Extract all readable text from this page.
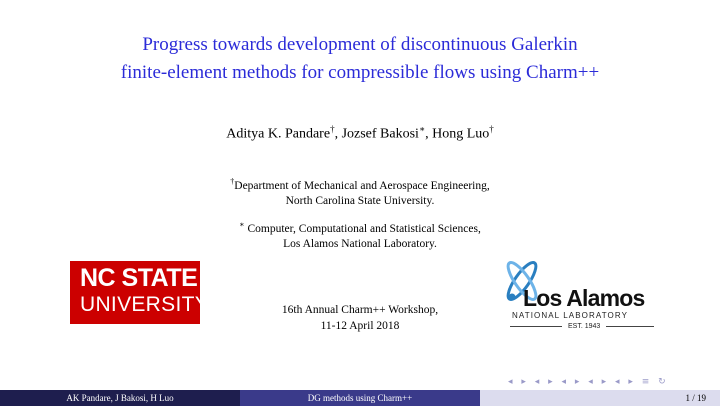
Progress towards development of discontinuous Galerkin
finite-element methods for compressible flows using Charm++
Aditya K. Pandare†, Jozsef Bakosi∗, Hong Luo†
†Department of Mechanical and Aerospace Engineering,
North Carolina State University.
∗ Computer, Computational and Statistical Sciences,
Los Alamos National Laboratory.
NC STATE
UNIVERSITY	16th Annual Charm++ Workshop,
11-12 April 2018
Los Alamos
NATIONAL LABORATORY
EST. 1943
◂ ▸ ◂ ▸ ◂ ▸ ◂ ▸ ◂ ▸ ≡ ↻
AK Pandare, J Bakosi, H Luo	DG methods using Charm++	1 / 19
